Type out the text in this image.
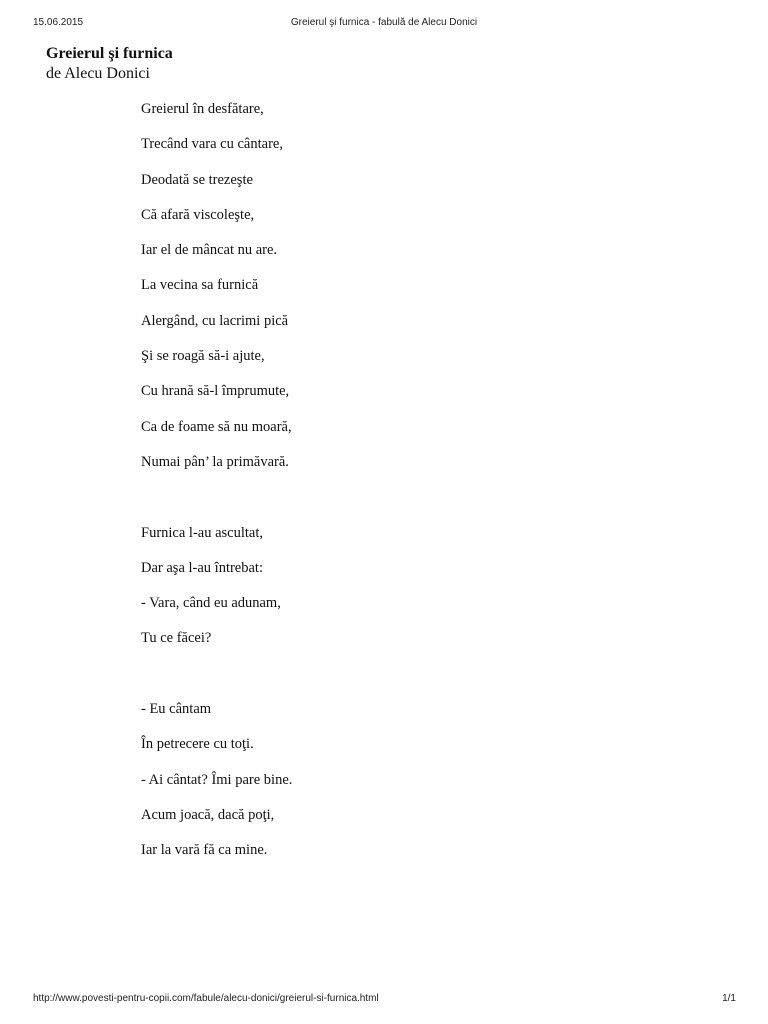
15.06.2015	Greierul şi furnica - fabulă de Alecu Donici
Greierul şi furnica
de Alecu Donici
Greierul în desfătare,
Trecând vara cu cântare,
Deodată se trezeşte
Că afară viscoleşte,
Iar el de mâncat nu are.
La vecina sa furnică
Alergând, cu lacrimi pică
Şi se roagă să-i ajute,
Cu hrană să-l împrumute,
Ca de foame să nu moară,
Numai pân’ la primăvară.
Furnica l-au ascultat,
Dar aşa l-au întrebat:
- Vara, când eu adunam,
Tu ce făcei?
- Eu cântam
În petrecere cu toţi.
- Ai cântat? Îmi pare bine.
Acum joacă, dacă poţi,
Iar la vară fă ca mine.
http://www.povesti-pentru-copii.com/fabule/alecu-donici/greierul-si-furnica.html	1/1
